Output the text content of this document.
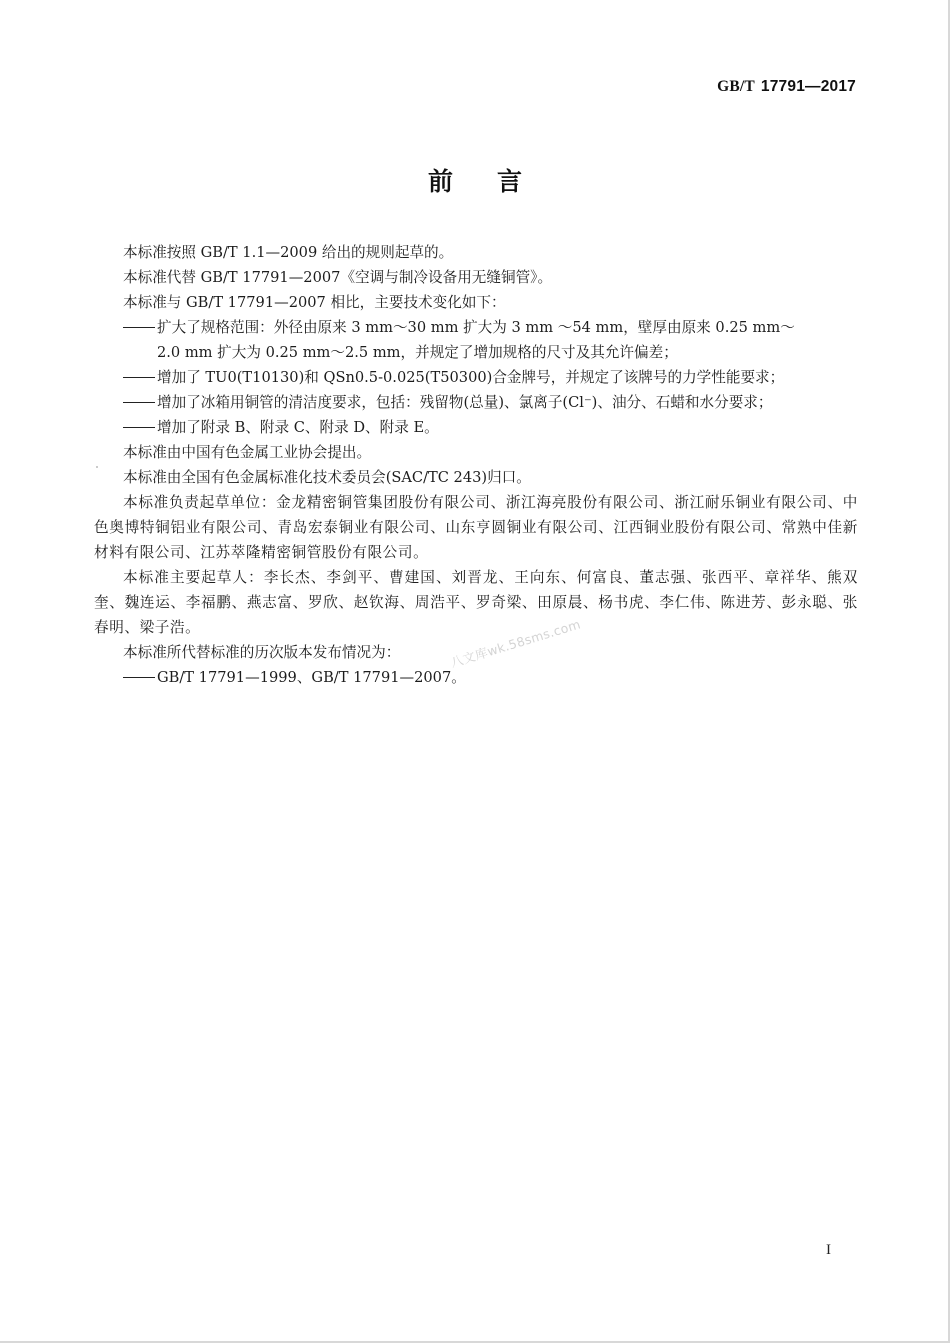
GB/T 17791—2017
前言

本标准按照 GB/T 1.1—2009 给出的规则起草的。

本标准代替 GB/T 17791—2007《空调与制冷设备用无缝铜管》。

本标准与 GB/T 17791—2007 相比，主要技术变化如下：

扩大了规格范围：外径由原来 3 mm～30 mm 扩大为 3 mm ～54 mm，壁厚由原来 0.25 mm～
2.0 mm 扩大为 0.25 mm～2.5 mm，并规定了增加规格的尺寸及其允许偏差；

增加了 TU0(T10130)和 QSn0.5-0.025(T50300)合金牌号，并规定了该牌号的力学性能要求；

增加了冰箱用铜管的清洁度要求，包括：残留物(总量)、氯离子(Cl⁻)、油分、石蜡和水分要求；

增加了附录 B、附录 C、附录 D、附录 E。

本标准由中国有色金属工业协会提出。

本标准由全国有色金属标准化技术委员会(SAC/TC 243)归口。

本标准负责起草单位：金龙精密铜管集团股份有限公司、浙江海亮股份有限公司、浙江耐乐铜业有限公司、中色奥博特铜铝业有限公司、青岛宏泰铜业有限公司、山东亨圆铜业有限公司、江西铜业股份有限公司、常熟中佳新材料有限公司、江苏萃隆精密铜管股份有限公司。

本标准主要起草人：李长杰、李剑平、曹建国、刘晋龙、王向东、何富良、董志强、张西平、章祥华、熊双奎、魏连运、李福鹏、燕志富、罗欣、赵钦海、周浩平、罗奇梁、田原晨、杨书虎、李仁伟、陈进芳、彭永聪、张春明、梁子浩。

本标准所代替标准的历次版本发布情况为：

GB/T 17791—1999、GB/T 17791—2007。

八文库wk.58sms.com
I
